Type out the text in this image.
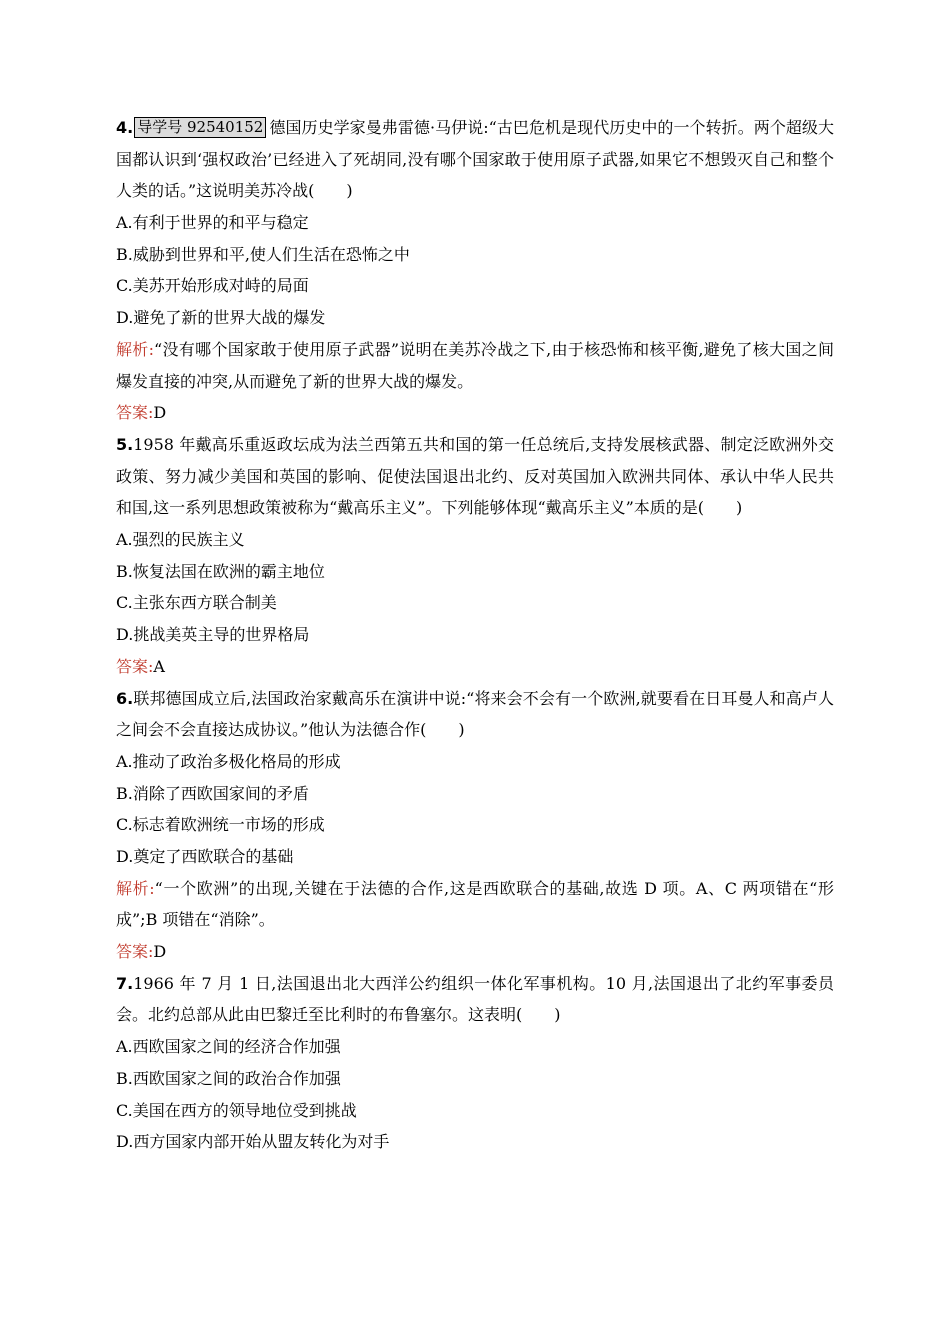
4. 导学号 92540152 德国历史学家曼弗雷德·马伊说:“古巴危机是现代历史中的一个转折。两个超级大国都认识到‘强权政治’已经进入了死胡同,没有哪个国家敢于使用原子武器,如果它不想毁灭自己和整个人类的话。”这说明美苏冷战(　　)
A.有利于世界的和平与稳定
B.威胁到世界和平,使人们生活在恐怖之中
C.美苏开始形成对峙的局面
D.避免了新的世界大战的爆发
解析:“没有哪个国家敢于使用原子武器”说明在美苏冷战之下,由于核恐怖和核平衡,避免了核大国之间爆发直接的冲突,从而避免了新的世界大战的爆发。
答案:D
5.1958 年戴高乐重返政坛成为法兰西第五共和国的第一任总统后,支持发展核武器、制定泛欧洲外交政策、努力减少美国和英国的影响、促使法国退出北约、反对英国加入欧洲共同体、承认中华人民共和国,这一系列思想政策被称为“戴高乐主义”。下列能够体现“戴高乐主义”本质的是(　　)
A.强烈的民族主义
B.恢复法国在欧洲的霸主地位
C.主张东西方联合制美
D.挑战美英主导的世界格局
答案:A
6.联邦德国成立后,法国政治家戴高乐在演讲中说:“将来会不会有一个欧洲,就要看在日耳曼人和高卢人之间会不会直接达成协议。”他认为法德合作(　　)
A.推动了政治多极化格局的形成
B.消除了西欧国家间的矛盾
C.标志着欧洲统一市场的形成
D.奠定了西欧联合的基础
解析:“一个欧洲”的出现,关键在于法德的合作,这是西欧联合的基础,故选 D 项。A、C 两项错在“形成”;B 项错在“消除”。
答案:D
7.1966 年 7 月 1 日,法国退出北大西洋公约组织一体化军事机构。10 月,法国退出了北约军事委员会。北约总部从此由巴黎迁至比利时的布鲁塞尔。这表明(　　)
A.西欧国家之间的经济合作加强
B.西欧国家之间的政治合作加强
C.美国在西方的领导地位受到挑战
D.西方国家内部开始从盟友转化为对手
